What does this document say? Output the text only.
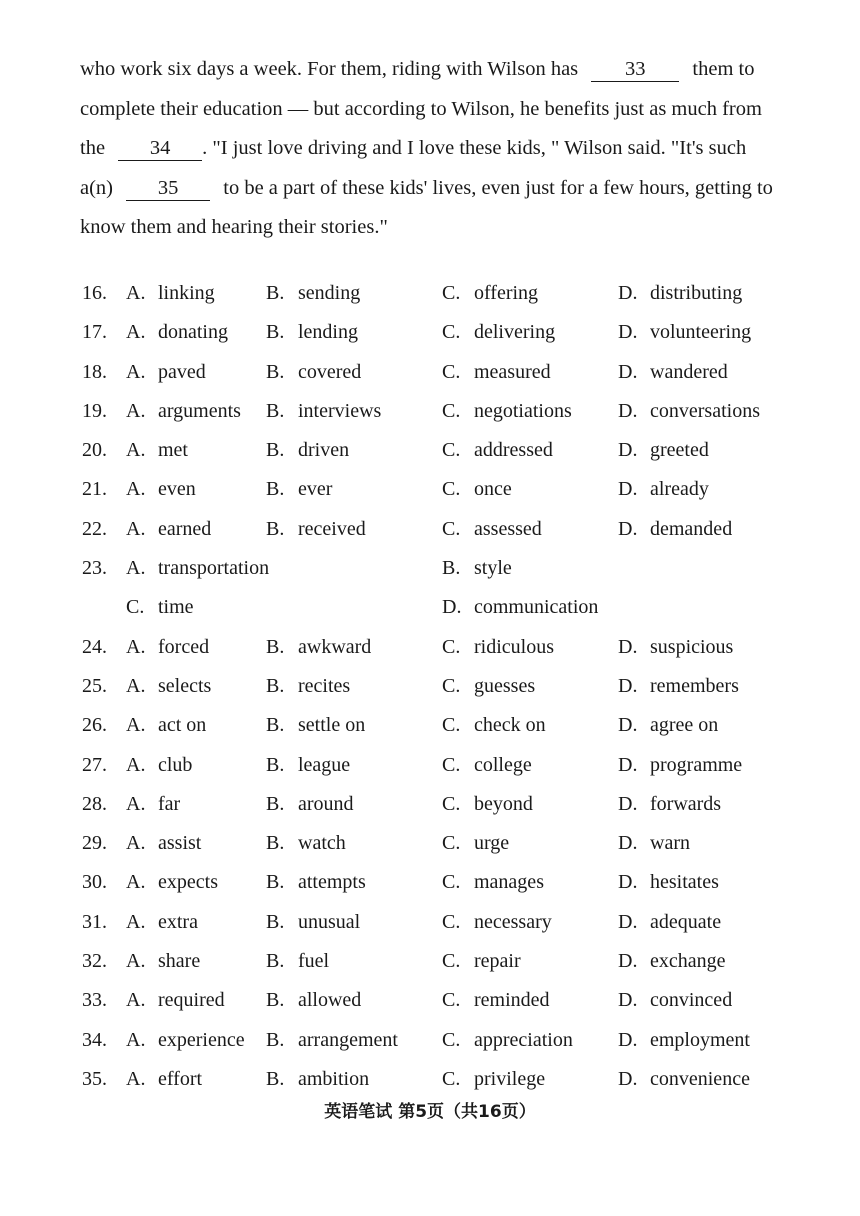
who work six days a week. For them, riding with Wilson has 33 them to
complete their education — but according to Wilson, he benefits just as much from
the 34 . "I just love driving and I love these kids, " Wilson said. "It's such
a(n) 35 to be a part of these kids' lives, even just for a few hours, getting to
know them and hearing their stories."
16. A. linking	B. sending	C. offering	D. distributing
17. A. donating B. lending	C. delivering	D. volunteering
18. A. paved	B. covered	C. measured	D. wandered
19. A. arguments B. interviews	C. negotiations D. conversations
20. A. met	B. driven	C. addressed	D. greeted
21. A. even	B. ever	C. once	D. already
22. A. earned	B. received	C. assessed	D. demanded
23. A. transportation	B. style
C. time	D. communication
24. A. forced	B. awkward	C. ridiculous	D. suspicious
25. A. selects	B. recites	C. guesses	D. remembers
26. A. act on	B. settle on	C. check on	D. agree on
27. A. club	B. league	C. college	D. programme
28. A. far	B. around	C. beyond	D. forwards
29. A. assist	B. watch	C. urge	D. warn
30. A. expects B. attempts	C. manages	D. hesitates
31. A. extra	B. unusual	C. necessary	D. adequate
32. A. share	B. fuel	C. repair	D. exchange
33. A. required B. allowed	C. reminded	D. convinced
34. A. experience B. arrangement C. appreciation D. employment
35. A. effort	B. ambition	C. privilege	D. convenience
英语笔试 第5页（共16页）
